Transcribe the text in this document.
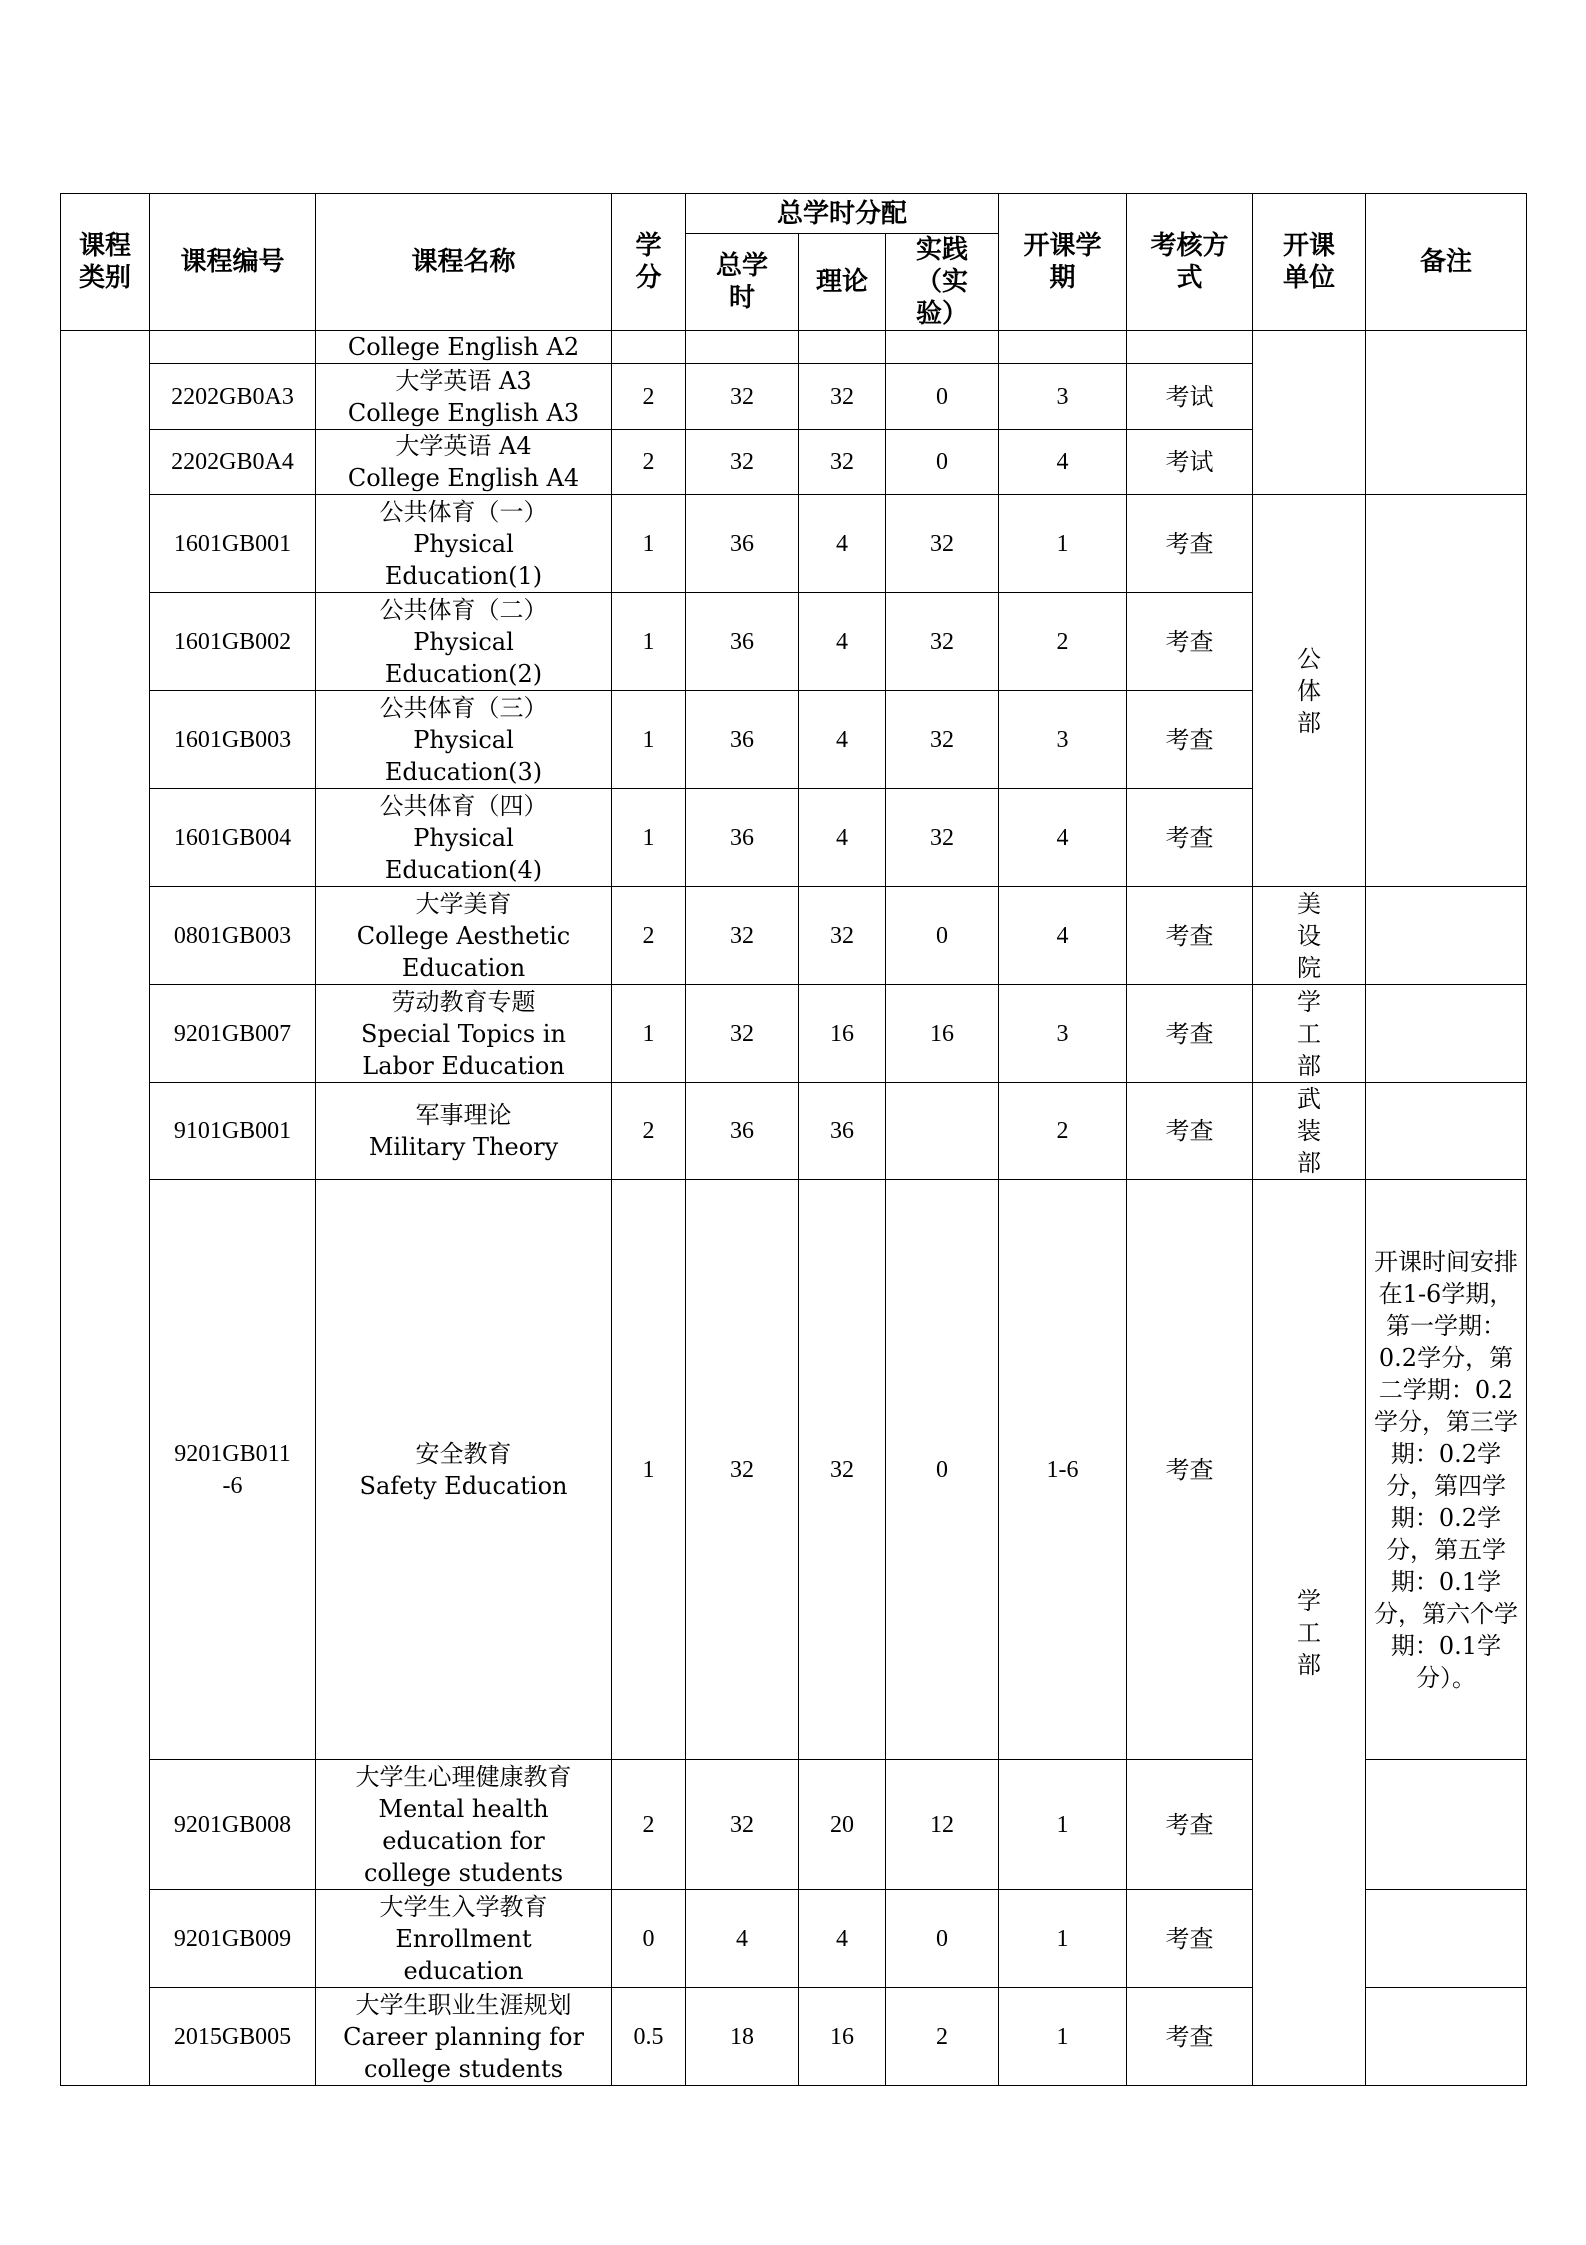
课程类别	课程编号	课程名称	学分	总学时分配			开课学期	考核方式	开课单位	备注
				总学时	理论	实践（实验）				

		College English A2								

	2202GB0A3	大学英语 A3
College English A3	2	32	32	0	3	考试		
	2202GB0A4	大学英语 A4
College English A4	2	32	32	0	4	考试		
	1601GB001	公共体育（一）
Physical
Education(1)	1	36	4	32	1	考查	公体部	
	1601GB002	公共体育（二）
Physical
Education(2)	1	36	4	32	2	考查		
	1601GB003	公共体育（三）
Physical
Education(3)	1	36	4	32	3	考查		
	1601GB004	公共体育（四）
Physical
Education(4)	1	36	4	32	4	考查		
	0801GB003	大学美育
College Aesthetic
Education	2	32	32	0	4	考查	美设院	
	9201GB007	劳动教育专题
Special Topics in
Labor Education	1	32	16	16	3	考查	学工部	
	9101GB001	军事理论
Military Theory	2	36	36		2	考查	武装部	
	9201GB011
-6	安全教育
Safety Education	1	32	32	0	1-6	考查	学工部	开课时间安排在1-6学期，第一学期：0.2学分，第二学期：0.2学分，第三学期：0.2学分，第四学期：0.2学分，第五学期：0.1学分，第六个学期：0.1学分）。
	9201GB008	大学生心理健康教育
Mental health
education for
college students	2	32	20	12	1	考查		
	9201GB009	大学生入学教育
Enrollment
education	0	4	4	0	1	考查		
	2015GB005	大学生职业生涯规划
Career planning for
college students	0.5	18	16	2	1	考查		
